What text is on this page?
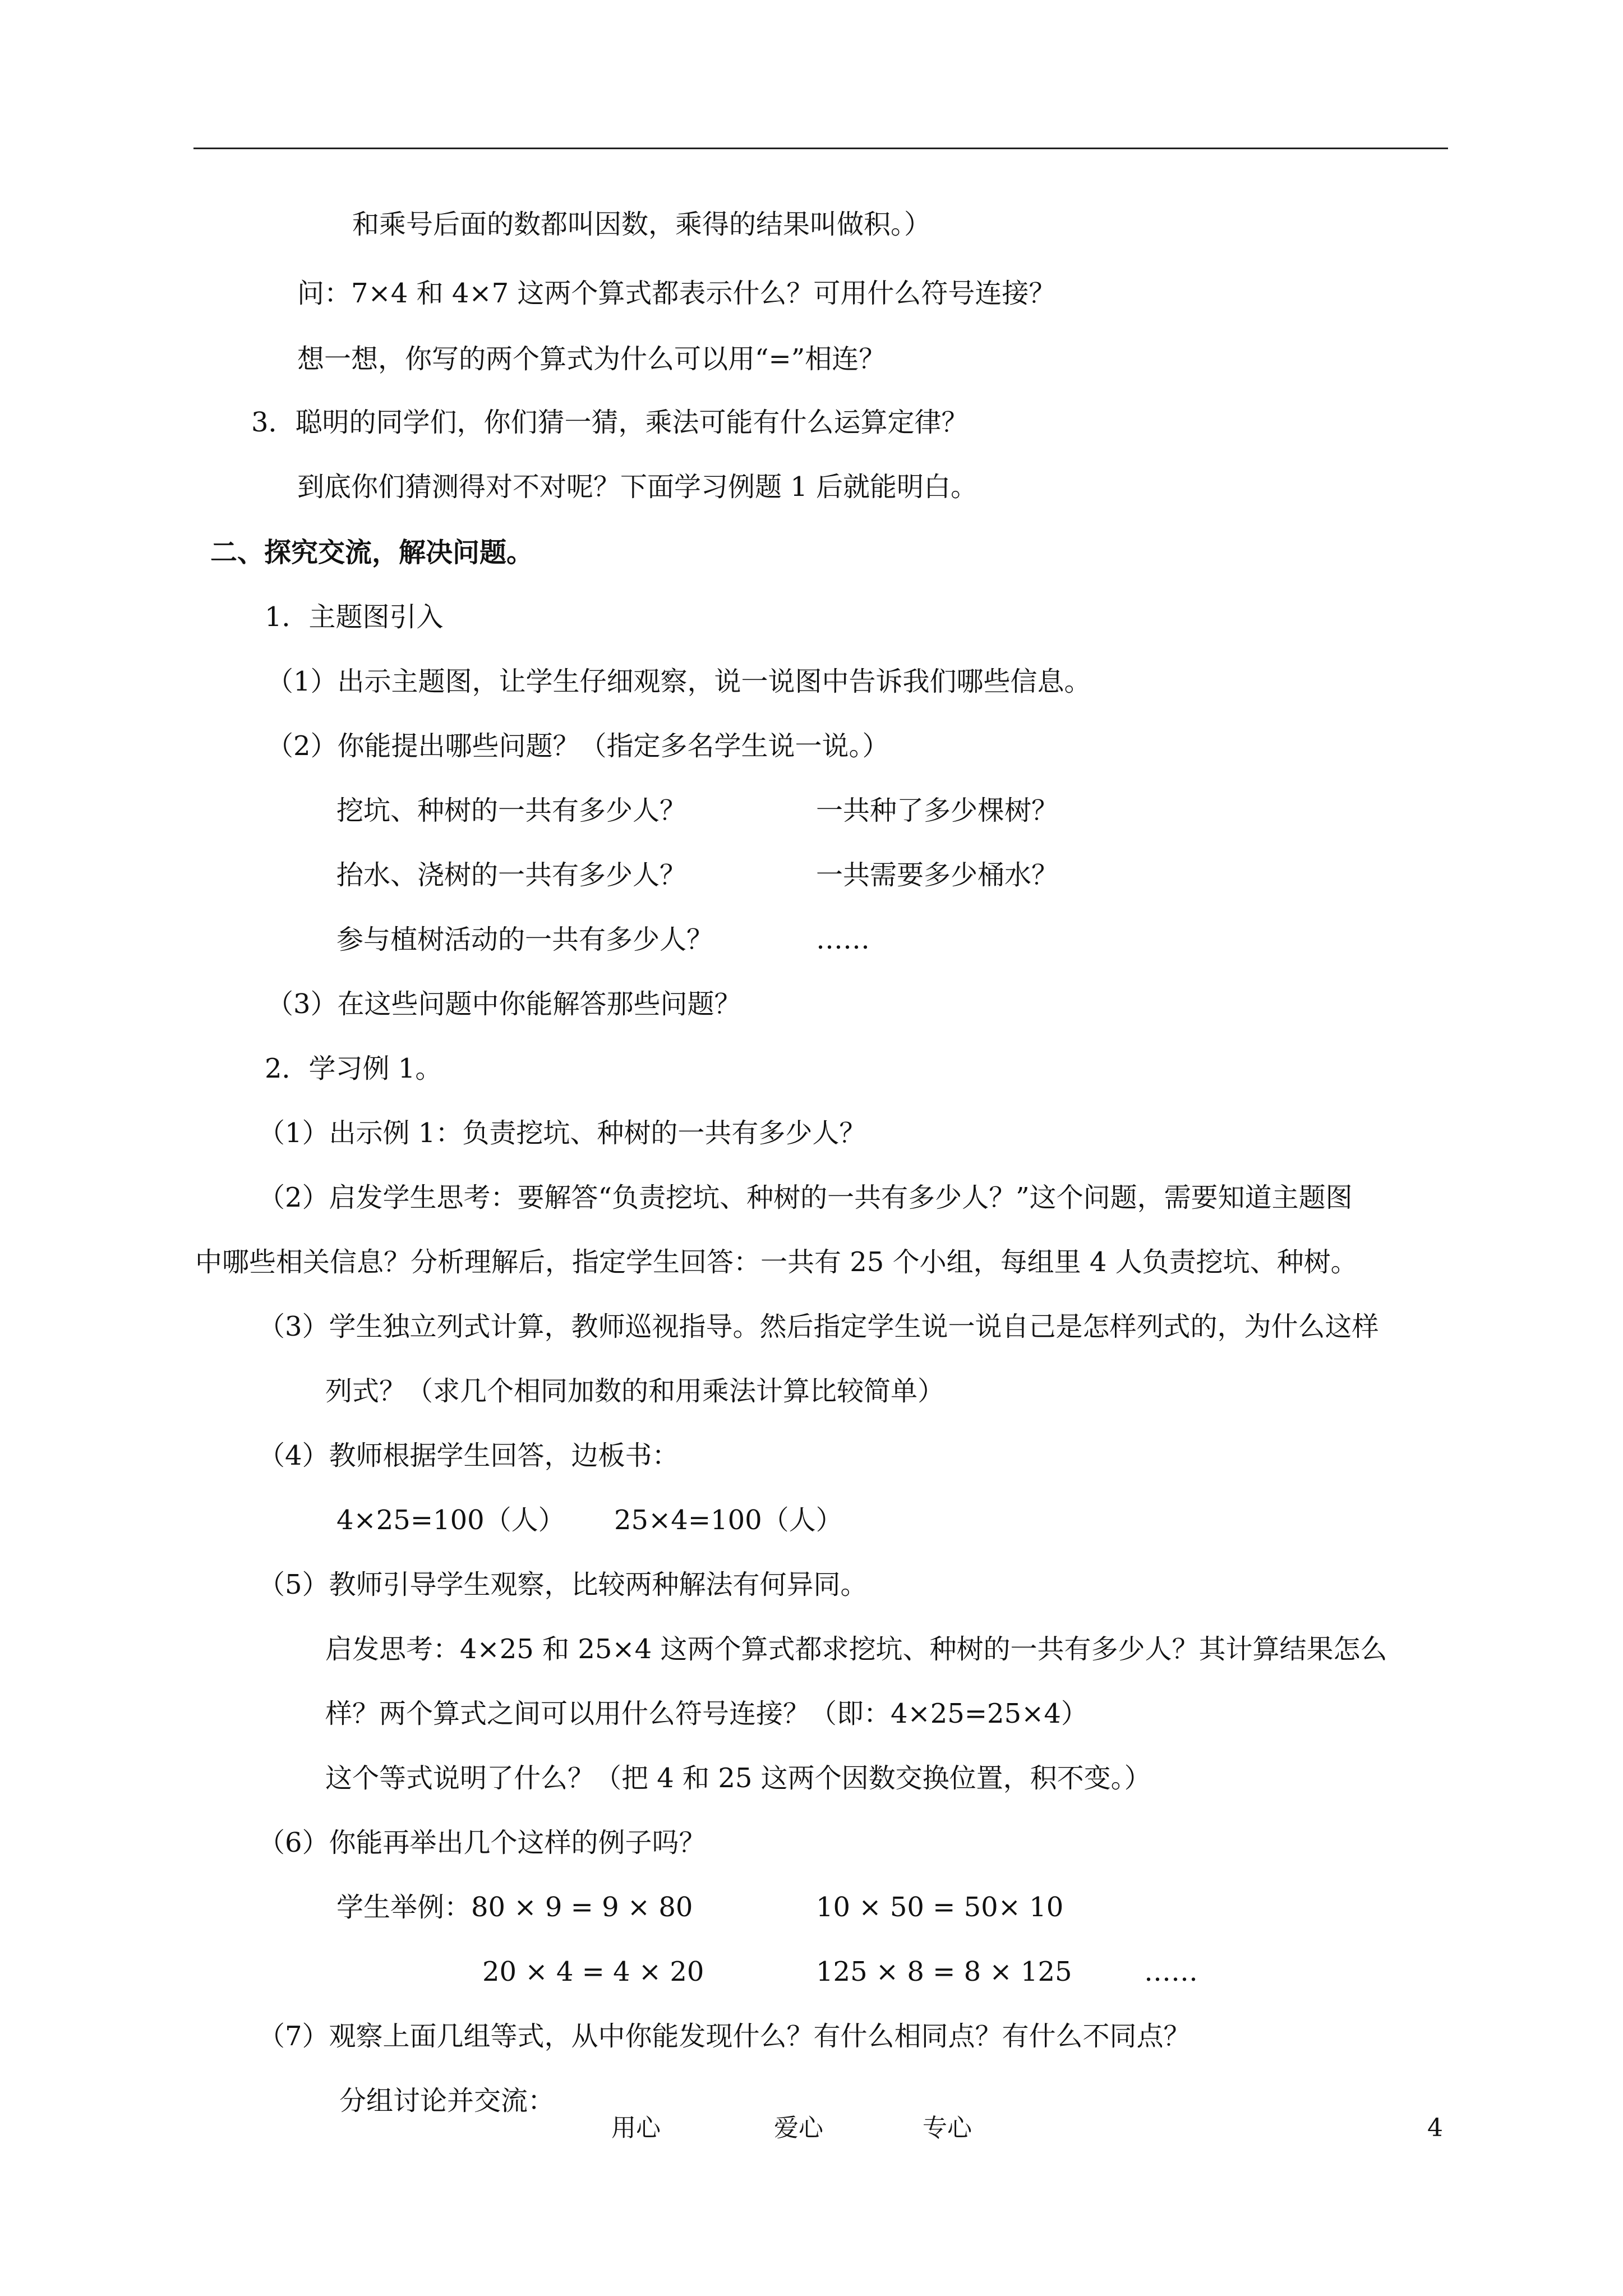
和乘号后面的数都叫因数，乘得的结果叫做积。）
问：7×4 和 4×7 这两个算式都表示什么？可用什么符号连接？
想一想，你写的两个算式为什么可以用“=”相连？
3．聪明的同学们，你们猜一猜，乘法可能有什么运算定律？
到底你们猜测得对不对呢？下面学习例题 1 后就能明白。
二、探究交流，解决问题。
1．主题图引入
（1）出示主题图，让学生仔细观察，说一说图中告诉我们哪些信息。
（2）你能提出哪些问题？（指定多名学生说一说。）
挖坑、种树的一共有多少人？	一共种了多少棵树？
抬水、浇树的一共有多少人？	一共需要多少桶水？
参与植树活动的一共有多少人？	……
（3）在这些问题中你能解答那些问题？
2．学习例 1。
（1）出示例 1：负责挖坑、种树的一共有多少人？
（2）启发学生思考：要解答“负责挖坑、种树的一共有多少人？”这个问题，需要知道主题图
中哪些相关信息？分析理解后，指定学生回答：一共有 25 个小组，每组里 4 人负责挖坑、种树。
（3）学生独立列式计算，教师巡视指导。然后指定学生说一说自己是怎样列式的，为什么这样
列式？（求几个相同加数的和用乘法计算比较简单）
（4）教师根据学生回答，边板书：
4×25=100（人） 25×4=100（人）
（5）教师引导学生观察，比较两种解法有何异同。
启发思考：4×25 和 25×4 这两个算式都求挖坑、种树的一共有多少人？其计算结果怎么
样？两个算式之间可以用什么符号连接？（即：4×25=25×4）
这个等式说明了什么？（把 4 和 25 这两个因数交换位置，积不变。）
（6）你能再举出几个这样的例子吗？
学生举例：80 × 9 = 9 × 80	10 × 50 = 50× 10
20 × 4 = 4 × 20	125 × 8 = 8 × 125	……
（7）观察上面几组等式，从中你能发现什么？有什么相同点？有什么不同点？
分组讨论并交流：
用心	爱心	专心	4
